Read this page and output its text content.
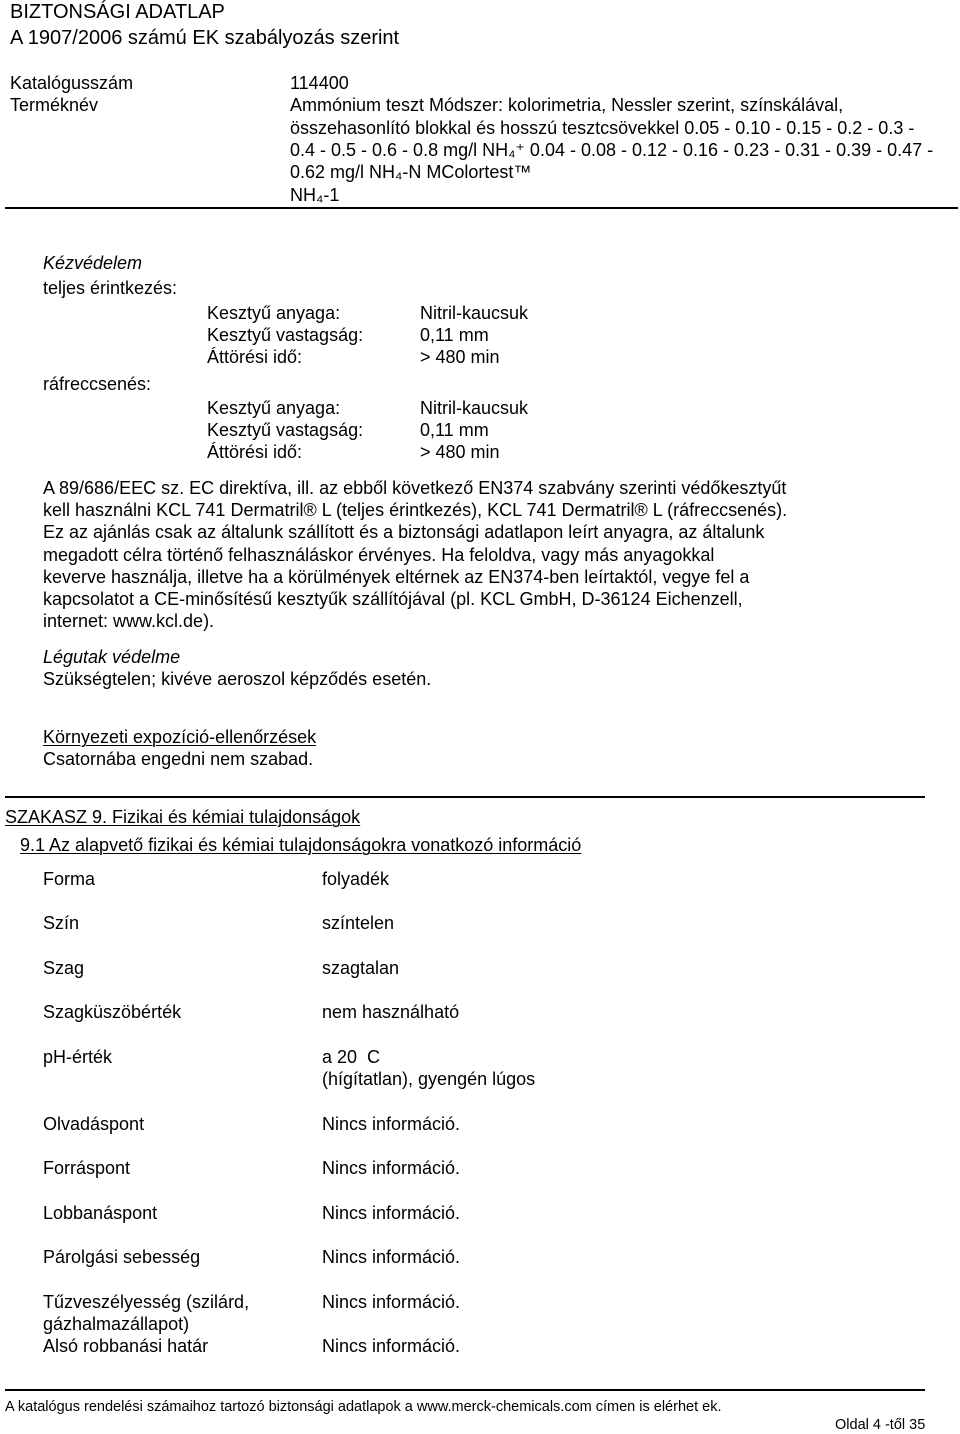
BIZTONSÁGI ADATLAP
A 1907/2006 számú EK szabályozás szerint
Katalógusszám	114400
Terméknév	Ammónium teszt Módszer: kolorimetria, Nessler szerint, színskálával,
összehasonlító blokkal és hosszú tesztcsövekkel 0.05 - 0.10 - 0.15 - 0.2 - 0.3 -
0.4 - 0.5 - 0.6 - 0.8 mg/l NH₄⁺ 0.04 - 0.08 - 0.12 - 0.16 - 0.23 - 0.31 - 0.39 - 0.47 -
0.62 mg/l NH₄-N MColortest™
NH₄-1
Kézvédelem
teljes érintkezés:
Kesztyű anyaga:	Nitril-kaucsuk
Kesztyű vastagság:	0,11 mm
Áttörési idő:	> 480 min
ráfreccsenés:
Kesztyű anyaga:	Nitril-kaucsuk
Kesztyű vastagság:	0,11 mm
Áttörési idő:	> 480 min
A 89/686/EEC sz. EC direktíva, ill. az ebből következő EN374 szabvány szerinti védőkesztyűt
kell használni KCL 741 Dermatril® L (teljes érintkezés), KCL 741 Dermatril® L (ráfreccsenés).
Ez az ajánlás csak az általunk szállított és a biztonsági adatlapon leírt anyagra, az általunk
megadott célra történő felhasználáskor érvényes. Ha feloldva, vagy más anyagokkal
keverve használja, illetve ha a körülmények eltérnek az EN374-ben leírtaktól, vegye fel a
kapcsolatot a CE-minősítésű kesztyűk szállítójával (pl. KCL GmbH, D-36124 Eichenzell,
internet: www.kcl.de).
Légutak védelme
Szükségtelen; kivéve aeroszol képződés esetén.
Környezeti expozíció-ellenőrzések
Csatornába engedni nem szabad.
SZAKASZ 9. Fizikai és kémiai tulajdonságok
9.1 Az alapvető fizikai és kémiai tulajdonságokra vonatkozó információ
Forma	folyadék
Szín	színtelen
Szag	szagtalan
Szagküszöbérték	nem használható
pH-érték	a 20  C
(hígítatlan), gyengén lúgos
Olvadáspont	Nincs információ.
Forráspont	Nincs információ.
Lobbanáspont	Nincs információ.
Párolgási sebesség	Nincs információ.
Tűzveszélyesség (szilárd,
gázhalmazállapot)
Nincs információ.
Alsó robbanási határ	Nincs információ.
A katalógus rendelési számaihoz tartozó biztonsági adatlapok a www.merck-chemicals.com címen is elérhet ek.
Oldal 4 -től 35
